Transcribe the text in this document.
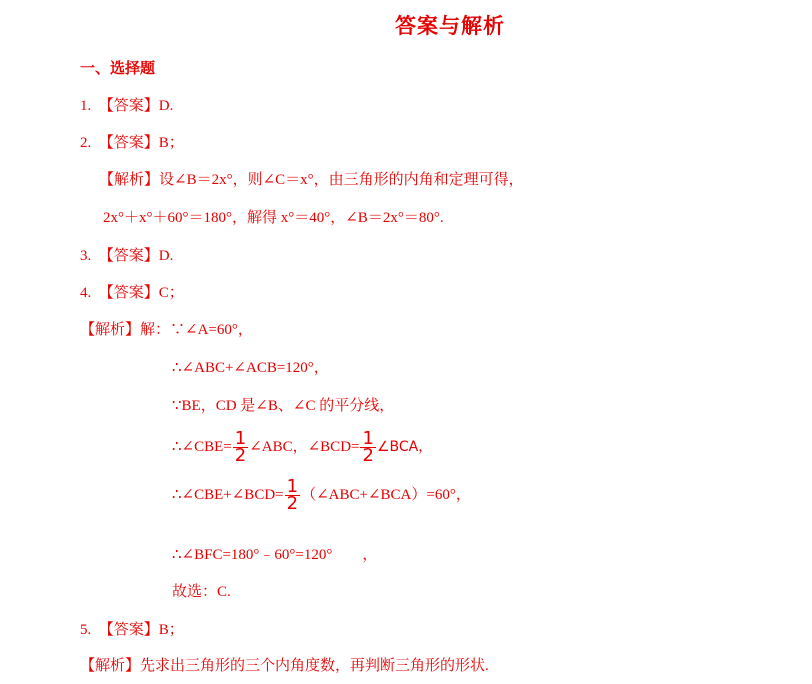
答案与解析
一、选择题
1. 【答案】D.
2. 【答案】B；
【解析】设∠B＝2x°，则∠C＝x°，由三角形的内角和定理可得，
2x°＋x°＋60°＝180°，解得 x°＝40°，∠B＝2x°＝80°.
3. 【答案】D.
4. 【答案】C；
【解析】解：∵∠A=60°，
∴∠ABC+∠ACB=120°，
∵BE，CD 是∠B、∠C 的平分线，
∴∠CBE= $\frac{1}{2}$ ∠ABC，∠BCD= $\frac{1}{2}$ ∠BCA，
∴∠CBE+∠BCD= $\frac{1}{2}$ （∠ABC+∠BCA）=60°，
∴∠BFC=180°﹣60°=120°　　，
故选：C.
5. 【答案】B；
【解析】先求出三角形的三个内角度数，再判断三角形的形状.
